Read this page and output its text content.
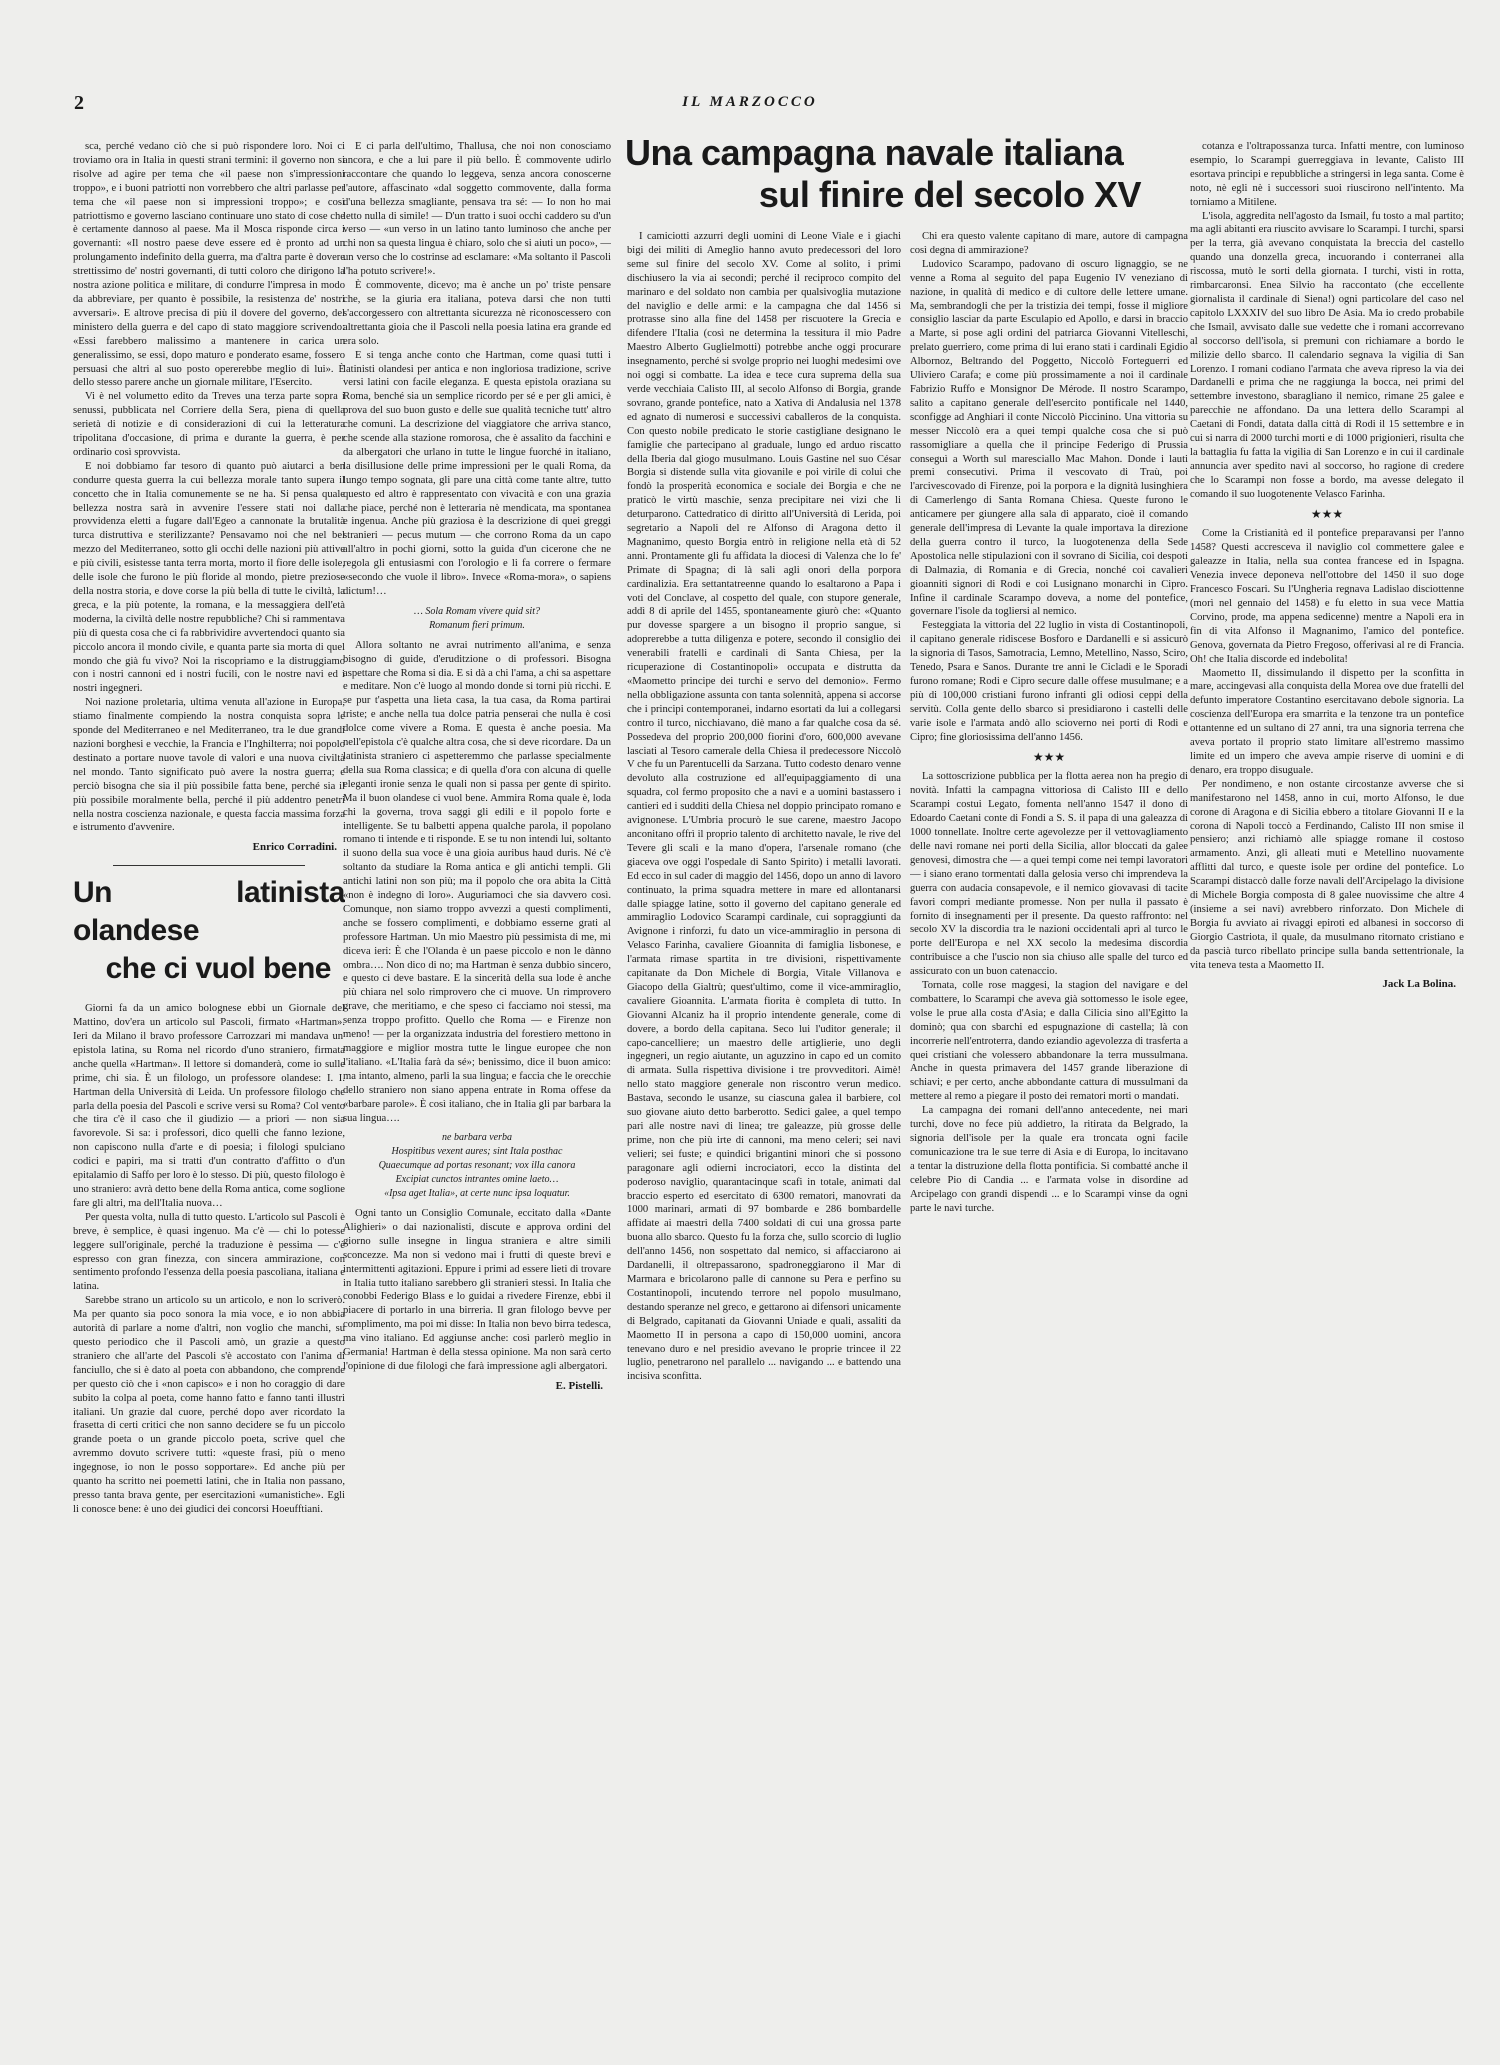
2	IL MARZOCCO

sca, perché vedano ciò che si può rispondere loro. Noi ci troviamo ora in Italia in questi strani termini: il governo non si risolve ad agire per tema che «il paese non s'impressioni troppo», e i buoni patriotti non vorrebbero che altri parlasse per tema che «il paese non si impressioni troppo»; e così patriottismo e governo lasciano continuare uno stato di cose che è certamente dannoso al paese. Ma il Mosca risponde circa i governanti: «Il nostro paese deve essere ed è pronto ad un prolungamento indefinito della guerra, ma d'altra parte è dovere strettissimo de' nostri governanti, di tutti coloro che dirigono la nostra azione politica e militare, di condurre l'impresa in modo da abbreviare, per quanto è possibile, la resistenza de' nostri avversari». E altrove precisa di più il dovere del governo, del ministero della guerra e del capo di stato maggiore scrivendo: «Essi farebbero malissimo a mantenere in carica un generalissimo, se essi, dopo maturo e ponderato esame, fossero persuasi che altri al suo posto opererebbe meglio di lui». È dello stesso parere anche un giornale militare, l'Esercito.

Vi è nel volumetto edito da Treves una terza parte sopra i senussi, pubblicata nel Corriere della Sera, piena di quella serietà di notizie e di considerazioni di cui la letteratura tripolitana d'occasione, di prima e durante la guerra, è per ordinario così sprovvista.

E noi dobbiamo far tesoro di quanto può aiutarci a ben condurre questa guerra la cui bellezza morale tanto supera il concetto che in Italia comunemente se ne ha. Si pensa quale bellezza nostra sarà in avvenire l'essere stati noi dalla provvidenza eletti a fugare dall'Egeo a cannonate la brutalità turca distruttiva e sterilizzante? Pensavamo noi che nel bel mezzo del Mediterraneo, sotto gli occhi delle nazioni più attive e più civili, esistesse tanta terra morta, morto il fiore delle isole, delle isole che furono le più floride al mondo, pietre preziose della nostra storia, e dove corse la più bella di tutte le civiltà, la greca, e la più potente, la romana, e la messaggiera dell'età moderna, la civiltà delle nostre repubbliche? Chi si rammentava più di questa cosa che ci fa rabbrividire avvertendoci quanto sia piccolo ancora il mondo civile, e quanta parte sia morta di quel mondo che già fu vivo? Noi la riscopriamo e la distruggiamo con i nostri cannoni ed i nostri fucili, con le nostre navi ed i nostri ingegneri.

Noi nazione proletaria, ultima venuta all'azione in Europa, stiamo finalmente compiendo la nostra conquista sopra le sponde del Mediterraneo e nel Mediterraneo, tra le due grandi nazioni borghesi e vecchie, la Francia e l'Inghilterra; noi popolo destinato a portare nuove tavole di valori e una nuova civiltà nel mondo. Tanto significato può avere la nostra guerra; e perciò bisogna che sia il più possibile fatta bene, perché sia il più possibile moralmente bella, perché il più addentro penetri nella nostra coscienza nazionale, e questa faccia massima forza e istrumento d'avvenire.

Enrico Corradini.
Un latinista olandese
che ci vuol bene

Giorni fa da un amico bolognese ebbi un Giornale del Mattino, dov'era un articolo sul Pascoli, firmato «Hartman». Ieri da Milano il bravo professore Carrozzari mi mandava un' epistola latina, su Roma nel ricordo d'uno straniero, firmata anche quella «Hartman». Il lettore si domanderà, come io sulle prime, chi sia. È un filologo, un professore olandese: I. I. Hartman della Università di Leida. Un professore filologo che parla della poesia del Pascoli e scrive versi su Roma? Col vento che tira c'è il caso che il giudizio — a priori — non sia favorevole. Si sa: i professori, dico quelli che fanno lezione, non capiscono nulla d'arte e di poesia; i filologi spulciano codici e papiri, ma si tratti d'un contratto d'affitto o d'un epitalamio di Saffo per loro è lo stesso. Di più, questo filologo è uno straniero: avrà detto bene della Roma antica, come soglione fare gli altri, ma dell'Italia nuova…

Per questa volta, nulla di tutto questo. L'articolo sul Pascoli è breve, è semplice, è quasi ingenuo. Ma c'è — chi lo potesse leggere sull'originale, perché la traduzione è pessima — c'è espresso con gran finezza, con sincera ammirazione, con sentimento profondo l'essenza della poesia pascoliana, italiana e latina.

Sarebbe strano un articolo su un articolo, e non lo scriverò. Ma per quanto sia poco sonora la mia voce, e io non abbia autorità di parlare a nome d'altri, non voglio che manchi, su questo periodico che il Pascoli amò, un grazie a questo straniero che all'arte del Pascoli s'è accostato con l'anima di fanciullo, che si è dato al poeta con abbandono, che comprende per questo ciò che i «non capisco» e i non ho coraggio di dare subito la colpa al poeta, come hanno fatto e fanno tanti illustri italiani. Un grazie dal cuore, perché dopo aver ricordato la frasetta di certi critici che non sanno decidere se fu un piccolo grande poeta o un grande piccolo poeta, scrive quel che avremmo dovuto scrivere tutti: «queste frasi, più o meno ingegnose, io non le posso sopportare». Ed anche più per quanto ha scritto nei poemetti latini, che in Italia non passano, presso tanta brava gente, per esercitazioni «umanistiche». Egli li conosce bene: è uno dei giudici dei concorsi Hoeufftiani.

E ci parla dell'ultimo, Thallusa, che noi non conosciamo ancora, e che a lui pare il più bello. È commovente udirlo raccontare che quando lo leggeva, senza ancora conoscerne l'autore, affascinato «dal soggetto commovente, dalla forma d'una bellezza smagliante, pensava tra sé: — Io non ho mai letto nulla di simile! — D'un tratto i suoi occhi caddero su d'un verso — «un verso in un latino tanto luminoso che anche per chi non sa questa lingua è chiaro, solo che si aiuti un poco», — un verso che lo costrinse ad esclamare: «Ma soltanto il Pascoli l'ha potuto scrivere!».

È commovente, dicevo; ma è anche un po' triste pensare che, se la giuria era italiana, poteva darsi che non tutti s'accorgessero con altrettanta sicurezza nè riconoscessero con altrettanta gioia che il Pascoli nella poesia latina era grande ed era solo.

E si tenga anche conto che Hartman, come quasi tutti i latinisti olandesi per antica e non ingloriosa tradizione, scrive versi latini con facile eleganza. E questa epistola oraziana su Roma, benché sia un semplice ricordo per sé e per gli amici, è prova del suo buon gusto e delle sue qualità tecniche tutt' altro che comuni. La descrizione del viaggiatore che arriva stanco, che scende alla stazione romorosa, che è assalito da facchini e da albergatori che urlano in tutte le lingue fuorché in italiano, la disillusione delle prime impressioni per le quali Roma, da lungo tempo sognata, gli pare una città come tante altre, tutto questo ed altro è rappresentato con vivacità e con una grazia che piace, perché non è letteraria nè mendicata, ma spontanea e ingenua. Anche più graziosa è la descrizione di quei greggi stranieri — pecus mutum — che corrono Roma da un capo all'altro in pochi giorni, sotto la guida d'un cicerone che ne regola gli entusiasmi con l'orologio e li fa correre o fermare «secondo che vuole il libro». Invece «Roma-mora», o sapiens dictum!…

… Sola Romam vivere quid sit?
Romanum fieri primum.

Allora soltanto ne avrai nutrimento all'anima, e senza bisogno di guide, d'eruditzione o di professori. Bisogna aspettare che Roma si dia. E si dà a chi l'ama, a chi sa aspettare e meditare. Non c'è luogo al mondo donde si torni più ricchi. E se pur t'aspetta una lieta casa, la tua casa, da Roma partirai triste; e anche nella tua dolce patria penserai che nulla è così dolce come vivere a Roma. E questa è anche poesia. Ma nell'epistola c'è qualche altra cosa, che si deve ricordare. Da un latinista straniero ci aspetteremmo che parlasse specialmente della sua Roma classica; e di quella d'ora con alcuna di quelle eleganti ironie senza le quali non si passa per gente di spirito. Ma il buon olandese ci vuol bene. Ammira Roma quale è, loda chi la governa, trova saggi gli edili e il popolo forte e intelligente. Se tu balbetti appena qualche parola, il popolano romano ti intende e ti risponde. E se tu non intendi lui, soltanto il suono della sua voce è una gioia auribus haud duris. Né c'è soltanto da studiare la Roma antica e gli antichi templi. Gli antichi latini non son più; ma il popolo che ora abita la Città «non è indegno di loro». Auguriamoci che sia davvero così. Comunque, non siamo troppo avvezzi a questi complimenti, anche se fossero complimenti, e dobbiamo esserne grati al professore Hartman. Un mio Maestro più pessimista di me, mi diceva ieri: È che l'Olanda è un paese piccolo e non le dànno ombra…. Non dico di no; ma Hartman è senza dubbio sincero, e questo ci deve bastare. E la sincerità della sua lode è anche più chiara nel solo rimprovero che ci muove. Un rimprovero grave, che meritiamo, e che speso ci facciamo noi stessi, ma senza troppo profitto. Quello che Roma — e Firenze non meno! — per la organizzata industria del forestiero mettono in maggiore e miglior mostra tutte le lingue europee che non l'italiano. «L'Italia farà da sé»; benissimo, dice il buon amico: ma intanto, almeno, parli la sua lingua; e faccia che le orecchie dello straniero non siano appena entrate in Roma offese da «barbare parole». È così italiano, che in Italia gli par barbara la sua lingua….

ne barbara verba
Hospitibus vexent aures; sint Itala posthac
Quaecumque ad portas resonant; vox illa canora
Excipiat cunctos intrantes omine laeto…
«Ipsa aget Italia», at certe nunc ipsa loquatur.

Ogni tanto un Consiglio Comunale, eccitato dalla «Dante Alighieri» o dai nazionalisti, discute e approva ordini del giorno sulle insegne in lingua straniera e altre simili sconcezze. Ma non si vedono mai i frutti di queste brevi e intermittenti agitazioni. Eppure i primi ad essere lieti di trovare in Italia tutto italiano sarebbero gli stranieri stessi. In Italia che conobbi Federigo Blass e lo guidai a rivedere Firenze, ebbi il piacere di portarlo in una birreria. Il gran filologo bevve per complimento, ma poi mi disse: In Italia non bevo birra tedesca, ma vino italiano. Ed aggiunse anche: così parlerò meglio in Germania! Hartman è della stessa opinione. Ma non sarà certo l'opinione di due filologi che farà impressione agli albergatori.

E. Pistelli.
Una campagna navale italiana
sul finire del secolo XV

I camiciotti azzurri degli uomini di Leone Viale e i giachi bigi dei militi di Ameglio hanno avuto predecessori del loro seme sul finire del secolo XV. Come al solito, i primi dischiusero la via ai secondi; perché il reciproco compito del marinaro e del soldato non cambia per qualsivoglia mutazione del naviglio e delle armi: e la campagna che dal 1456 si protrasse sino alla fine del 1458 per riscuotere la Grecia e difendere l'Italia (così ne determina la tessitura il mio Padre Maestro Alberto Guglielmotti) potrebbe anche oggi procurare insegnamento, perché si svolge proprio nei luoghi medesimi ove noi oggi si combatte. La idea e tece cura suprema della sua verde vecchiaia Calisto III, al secolo Alfonso di Borgia, grande sovrano, grande pontefice, nato a Xativa di Andalusia nel 1378 ed agnato di numerosi e successivi caballeros de la conquista. Con questo nobile predicato le storie castigliane designano le famiglie che partecipano al graduale, lungo ed arduo riscatto della Iberia dal giogo musulmano. Louis Gastine nel suo César Borgia si distende sulla vita giovanile e poi virile di colui che fondò la prosperità economica e sociale dei Borgia e che ne praticò le virtù maschie, senza precipitare nei vizi che li deturparono. Cattedratico di diritto all'Università di Lerida, poi segretario a Napoli del re Alfonso di Aragona detto il Magnanimo, questo Borgia entrò in religione nella età di 52 anni. Prontamente gli fu affidata la diocesi di Valenza che lo fe' Primate di Spagna; di là sali agli onori della porpora cardinalizia. Era settantatreenne quando lo esaltarono a Papa i voti del Conclave, al cospetto del quale, con stupore generale, addì 8 di aprile del 1455, spontaneamente giurò che: «Quanto pur dovesse spargere a un bisogno il proprio sangue, si adoprerebbe a tutta diligenza e potere, secondo il consiglio dei venerabili fratelli e cardinali di Santa Chiesa, per la ricuperazione di Costantinopoli» occupata e distrutta da «Maometto principe dei turchi e servo del demonio». Fermo nella obbligazione assunta con tanta solennità, appena si accorse che i principi contemporanei, indarno esortati da lui a collegarsi contro il turco, nicchiavano, diè mano a far qualche cosa da sé. Possedeva del proprio 200,000 fiorini d'oro, 600,000 avevane lasciati al Tesoro camerale della Chiesa il predecessore Niccolò V che fu un Parentucelli da Sarzana. Tutto codesto denaro venne devoluto alla costruzione ed all'equipaggiamento di una squadra, col fermo proposito che a navi e a uomini bastassero i cantieri ed i sudditi della Chiesa nel doppio principato romano e avignonese. L'Umbria procurò le sue carene, maestro Jacopo anconitano offrì il proprio talento di architetto navale, le rive del Tevere gli scali e la mano d'opera, l'arsenale romano (che giaceva ove oggi l'ospedale di Santo Spirito) i metalli lavorati. Ed ecco in sul cader di maggio del 1456, dopo un anno di lavoro continuato, la prima squadra mettere in mare ed allontanarsi dalle spiagge latine, sotto il governo del capitano generale ed ammiraglio Lodovico Scarampi cardinale, cui sopraggiunti da Avignone i rinforzi, fu dato un vice-ammiraglio in persona di Velasco Farinha, cavaliere Gioannita di famiglia lisbonese, e l'armata rimase spartita in tre divisioni, rispettivamente capitanate da Don Michele di Borgia, Vitale Villanova e Giacopo della Gialtrù; quest'ultimo, come il vice-ammiraglio, cavaliere Gioannita. L'armata fiorita è completa di tutto. In Giovanni Alcaniz ha il proprio intendente generale, come di dovere, a bordo della capitana. Seco lui l'uditor generale; il capo-cancelliere; un maestro delle artiglierie, uno degli ingegneri, un regio aiutante, un aguzzino in capo ed un comito di armata. Sulla rispettiva divisione i tre provveditori. Aimè! nello stato maggiore generale non riscontro verun medico. Bastava, secondo le usanze, su ciascuna galea il barbiere, col suo giovane aiuto detto barberotto. Sedici galee, a quel tempo pari alle nostre navi di linea; tre galeazze, più grosse delle prime, non che più irte di cannoni, ma meno celeri; sei navi velieri; sei fuste; e quindici brigantini minori che si possono paragonare agli odierni incrociatori, ecco la distinta del poderoso naviglio, quarantacinque scafi in totale, animati dal braccio esperto ed esercitato di 6300 rematori, manovrati da 1000 marinari, armati di 97 bombarde e 286 bombardelle affidate ai maestri della 7400 soldati di cui una grossa parte buona allo sbarco. Questo fu la forza che, sullo scorcio di luglio dell'anno 1456, non sospettato dal nemico, si affacciarono ai Dardanelli, il oltrepassarono, spadroneggiarono il Mar di Marmara e bricolarono palle di cannone su Pera e perfino su Costantinopoli, incutendo terrore nel popolo musulmano, destando speranze nel greco, e gettarono ai difensori unicamente di Belgrado, capitanati da Giovanni Uniade e quali, assaliti da Maometto II in persona a capo di 150,000 uomini, ancora tenevano duro e nel presidio avevano le proprie trincee il 22 luglio, penetrarono nel parallelo ... navigando ... e battendo una incisiva sconfitta.

Chi era questo valente capitano di mare, autore di campagna così degna di ammirazione?

Ludovico Scarampo, padovano di oscuro lignaggio, se ne venne a Roma al seguito del papa Eugenio IV veneziano di nazione, in qualità di medico e di cultore delle lettere umane. Ma, sembrandogli che per la tristizia dei tempi, fosse il migliore consiglio lasciar da parte Esculapio ed Apollo, e darsi in braccio a Marte, si pose agli ordini del patriarca Giovanni Vitelleschi, prelato guerriero, come prima di lui erano stati i cardinali Egidio Albornoz, Beltrando del Poggetto, Niccolò Forteguerri ed Uliviero Carafa; e come più prossimamente a noi il cardinale Fabrizio Ruffo e Monsignor De Mérode. Il nostro Scarampo, salito a capitano generale dell'esercito pontificale nel 1440, sconfigge ad Anghiari il conte Niccolò Piccinino. Una vittoria su messer Niccolò era a quei tempi qualche cosa che si può rassomigliare a quella che il principe Federigo di Prussia conseguì a Worth sul maresciallo Mac Mahon. Donde i lauti premi consecutivi. Prima il vescovato di Traù, poi l'arcivescovado di Firenze, poi la porpora e la dignità lusinghiera di Camerlengo di Santa Romana Chiesa. Queste furono le anticamere per giungere alla sala di apparato, cioè il comando generale dell'impresa di Levante la quale importava la direzione della guerra contro il turco, la luogotenenza della Sede Apostolica nelle stipulazioni con il sovrano di Sicilia, coi despoti di Dalmazia, di Romania e di Grecia, nonché coi cavalieri gioanniti signori di Rodi e coi Lusignano monarchi in Cipro. Infine il cardinale Scarampo doveva, a nome del pontefice, governare l'isole da togliersi al nemico.

Festeggiata la vittoria del 22 luglio in vista di Costantinopoli, il capitano generale ridiscese Bosforo e Dardanelli e si assicurò la signoria di Tasos, Samotracia, Lemno, Metellino, Nasso, Sciro, Tenedo, Psara e Sanos. Durante tre anni le Cicladi e le Sporadi furono romane; Rodi e Cipro secure dalle offese musulmane; e a più di 100,000 cristiani furono infranti gli odiosi ceppi della servitù. Colla gente dello sbarco si presidiarono i castelli delle varie isole e l'armata andò allo scioverno nei porti di Rodi e Cipro; fine gloriosissima dell'anno 1456.

★★★

La sottoscrizione pubblica per la flotta aerea non ha pregio di novità. Infatti la campagna vittoriosa di Calisto III e dello Scarampi costui Legato, fomenta nell'anno 1547 il dono di Edoardo Caetani conte di Fondi a S. S. il papa di una galeazza di 1000 tonnellate. Inoltre certe agevolezze per il vettovagliamento delle navi romane nei porti della Sicilia, allor bloccati da galee genovesi, dimostra che — a quei tempi come nei tempi lavoratori — i siano erano tormentati dalla gelosia verso chi imprendeva la guerra con audacia consapevole, e il nemico giovavasi di tacite favori compri mediante promesse. Non per nulla il passato è fornito di insegnamenti per il presente. Da questo raffronto: nel secolo XV la discordia tra le nazioni occidentali aprì al turco le porte dell'Europa e nel XX secolo la medesima discordia contribuisce a che l'uscio non sia chiuso alle spalle del turco ed assicurato con un buon catenaccio.

Tornata, colle rose maggesi, la stagion del navigare e del combattere, lo Scarampi che aveva già sottomesso le isole egee, volse le prue alla costa d'Asia; e dalla Cilicia sino all'Egitto la dominò; qua con sbarchi ed espugnazione di castella; là con incorrerie nell'entroterra, dando eziandio agevolezza di trasferta a quei cristiani che volessero abbandonare la terra mussulmana. Anche in questa primavera del 1457 grande liberazione di schiavi; e per certo, anche abbondante cattura di mussulmani da mettere al remo a piegare il posto dei rematori morti o mandati.

La campagna dei romani dell'anno antecedente, nei mari turchi, dove no fece più addietro, la ritirata da Belgrado, la signoria dell'isole per la quale era troncata ogni facile comunicazione tra le sue terre di Asia e di Europa, lo incitavano a tentar la distruzione della flotta pontificia. Si combatté anche il celebre Pio di Candia ... e l'armata volse in disordine ad Arcipelago con grandi dispendi ... e lo Scarampi vinse da ogni parte le navi turche.

cotanza e l'oltrapossanza turca. Infatti mentre, con luminoso esempio, lo Scarampi guerreggiava in levante, Calisto III esortava principi e repubbliche a stringersi in lega santa. Come è noto, nè egli nè i successori suoi riuscirono nell'intento. Ma torniamo a Mitilene.

L'isola, aggredita nell'agosto da Ismail, fu tosto a mal partito; ma agli abitanti era riuscito avvisare lo Scarampi. I turchi, sparsi per la terra, già avevano conquistata la breccia del castello quando una donzella greca, incuorando i conterranei alla riscossa, mutò le sorti della giornata. I turchi, visti in rotta, rimbarcaronsi. Enea Silvio ha raccontato (che eccellente giornalista il cardinale di Siena!) ogni particolare del caso nel capitolo LXXXIV del suo libro De Asia. Ma io credo probabile che Ismail, avvisato dalle sue vedette che i romani accorrevano al soccorso dell'isola, si premunì con richiamare a bordo le milizie dello sbarco. Il calendario segnava la vigilia di San Lorenzo. I romani codiano l'armata che aveva ripreso la via dei Dardanelli e prima che ne raggiunga la bocca, nei primi del settembre investono, sbaragliano il nemico, rimane 25 galee e parecchie ne affondano. Da una lettera dello Scarampi al Caetani di Fondi, datata dalla città di Rodi il 15 settembre e in cui si narra di 2000 turchi morti e di 1000 prigionieri, risulta che la battaglia fu fatta la vigilia di San Lorenzo e in cui il cardinale annuncia aver spedito navi al soccorso, ho ragione di credere che lo Scarampi non fosse a bordo, ma avesse delegato il comando il suo luogotenente Velasco Farinha.

★★★

Come la Cristianità ed il pontefice preparavansi per l'anno 1458? Questi accresceva il naviglio col commettere galee e galeazze in Italia, nella sua contea francese ed in Ispagna. Venezia invece deponeva nell'ottobre del 1450 il suo doge Francesco Foscari. Su l'Ungheria regnava Ladislao disciottenne (morì nel gennaio del 1458) e fu eletto in sua vece Mattia Corvino, prode, ma appena sedicenne) mentre a Napoli era in fin di vita Alfonso il Magnanimo, l'amico del pontefice. Genova, governata da Pietro Fregoso, offerivasi al re di Francia. Oh! che Italia discorde ed indebolita!

Maometto II, dissimulando il dispetto per la sconfitta in mare, accingevasi alla conquista della Morea ove due fratelli del defunto imperatore Costantino esercitavano debole signoria. La coscienza dell'Europa era smarrita e la tenzone tra un pontefice ottantenne ed un sultano di 27 anni, tra una signoria terrena che aveva portato il proprio stato limitare all'estremo massimo limite ed un impero che aveva ampie riserve di uomini e di denaro, era troppo disuguale.

Per nondimeno, e non ostante circostanze avverse che si manifestarono nel 1458, anno in cui, morto Alfonso, le due corone di Aragona e di Sicilia ebbero a titolare Giovanni II e la corona di Napoli toccò a Ferdinando, Calisto III non smise il pensiero; anzi richiamò alle spiagge romane il costoso armamento. Anzi, gli alleati muti e Metellino nuovamente afflitti dal turco, e queste isole per ordine del pontefice. Lo Scarampi distaccò dalle forze navali dell'Arcipelago la divisione di Michele Borgia composta di 8 galee nuovissime che altre 4 (insieme a sei navi) avrebbero rinforzato. Don Michele di Borgia fu avviato ai rivaggi epiroti ed albanesi in soccorso di Giorgio Castriota, il quale, da musulmano ritornato cristiano e da pascià turco ribellato principe sulla banda settentrionale, la vita teneva testa a Maometto II.

Jack La Bolina.
